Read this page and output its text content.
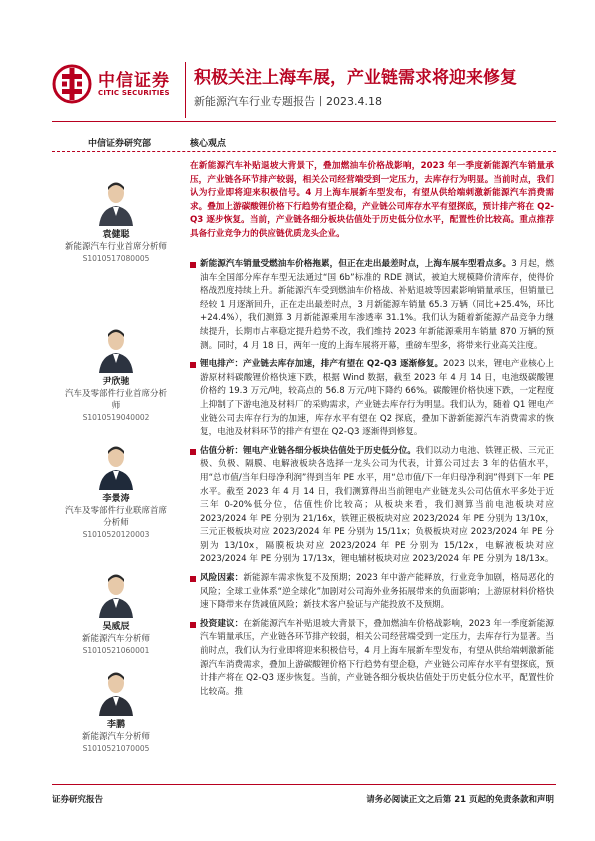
中信证券
CITIC SECURITIES
积极关注上海车展，产业链需求将迎来修复
新能源汽车行业专题报告丨2023.4.18
中信证券研究部	核心观点
袁健聪
新能源汽车行业首席分析师
S1010517080005
尹欣驰
汽车及零部件行业首席分析师
S1010519040002
李景涛
汽车及零部件行业联席首席分析师
S1010520120003
吴威辰
新能源汽车分析师
S1010521060001
李鹏
新能源汽车分析师
S1010521070005
在新能源汽车补贴退坡大背景下，叠加燃油车价格战影响，2023 年一季度新能源汽车销量承压，产业链各环节排产较弱，相关公司经营端受到一定压力，去库存行为明显。当前时点，我们认为行业即将迎来积极信号。4 月上海车展新车型发布，有望从供给端刺激新能源汽车消费需求。叠加上游碳酸锂价格下行趋势有望企稳，产业链公司库存水平有望探底，预计排产将在 Q2-Q3 逐步恢复。当前，产业链各细分板块估值处于历史低分位水平，配置性价比较高。重点推荐具备行业竞争力的供应链优质龙头企业。
新能源汽车销量受燃油车价格拖累，但正在走出最差时点，上海车展车型看点多。3 月起，燃油车全国部分库存车型无法通过“国 6b”标准的 RDE 测试，被迫大规模降价清库存，使得价格战烈度持续上升。新能源汽车受到燃油车价格战、补贴退坡等因素影响销量承压，但销量已经较 1 月逐渐回升，正在走出最差时点，3 月新能源车销量 65.3 万辆（同比+25.4%，环比+24.4%），我们测算 3 月新能源乘用车渗透率 31.1%。我们认为随着新能源产品竞争力继续提升，长期市占率稳定提升趋势不改，我们维持 2023 年新能源乘用车销量 870 万辆的预测。同时，4 月 18 日，两年一度的上海车展将开幕，重磅车型多，将带来行业高关注度。
锂电排产：产业链去库存加速，排产有望在 Q2-Q3 逐渐修复。2023 以来，锂电产业核心上游原材料碳酸锂价格快速下跌，根据 Wind 数据，截至 2023 年 4 月 14 日，电池级碳酸锂价格约 19.3 万元/吨，较高点的 56.8 万元/吨下降约 66%。碳酸锂价格快速下跌，一定程度上抑制了下游电池及材料厂的采购需求，产业链去库存行为明显。我们认为，随着 Q1 锂电产业链公司去库存行为的加速，库存水平有望在 Q2 探底，叠加下游新能源汽车消费需求的恢复，电池及材料环节的排产有望在 Q2-Q3 逐渐得到修复。
估值分析：锂电产业链各细分板块估值处于历史低分位。我们以动力电池、铁锂正极、三元正极、负极、隔膜、电解液板块各选择一龙头公司为代表，计算公司过去 3 年的估值水平，用“总市值/当年归母净利润”得到当年 PE 水平，用“总市值/下一年归母净利润”得到下一年 PE 水平。截至 2023 年 4 月 14 日，我们测算得出当前锂电产业链龙头公司估值水平多处于近三年 0-20%低分位，估值性价比较高；从板块来看，我们测算当前电池板块对应 2023/2024 年 PE 分别为 21/16x，铁锂正极板块对应 2023/2024 年 PE 分别为 13/10x，三元正极板块对应 2023/2024 年 PE 分别为 15/11x；负极板块对应 2023/2024 年 PE 分别为 13/10x，隔膜板块对应 2023/2024 年 PE 分别为 15/12x，电解液板块对应 2023/2024 年 PE 分别为 17/13x，锂电辅材板块对应 2023/2024 年 PE 分别为 18/13x。
风险因素：新能源车需求恢复不及预期；2023 年中游产能释放，行业竞争加剧，格局恶化的风险；全球工业体系“逆全球化”加剧对公司海外业务拓展带来的负面影响；上游原材料价格快速下降带来存货减值风险；新技术客户验证与产能投放不及预期。
投资建议：在新能源汽车补贴退坡大背景下，叠加燃油车价格战影响，2023 年一季度新能源汽车销量承压，产业链各环节排产较弱，相关公司经营端受到一定压力，去库存行为显著。当前时点，我们认为行业即将迎来积极信号，4 月上海车展新车型发布，有望从供给端刺激新能源汽车消费需求，叠加上游碳酸锂价格下行趋势有望企稳，产业链公司库存水平有望探底，预计排产将在 Q2-Q3 逐步恢复。当前，产业链各细分板块估值处于历史低分位水平，配置性价比较高。推
证券研究报告	请务必阅读正文之后第 21 页起的免责条款和声明
